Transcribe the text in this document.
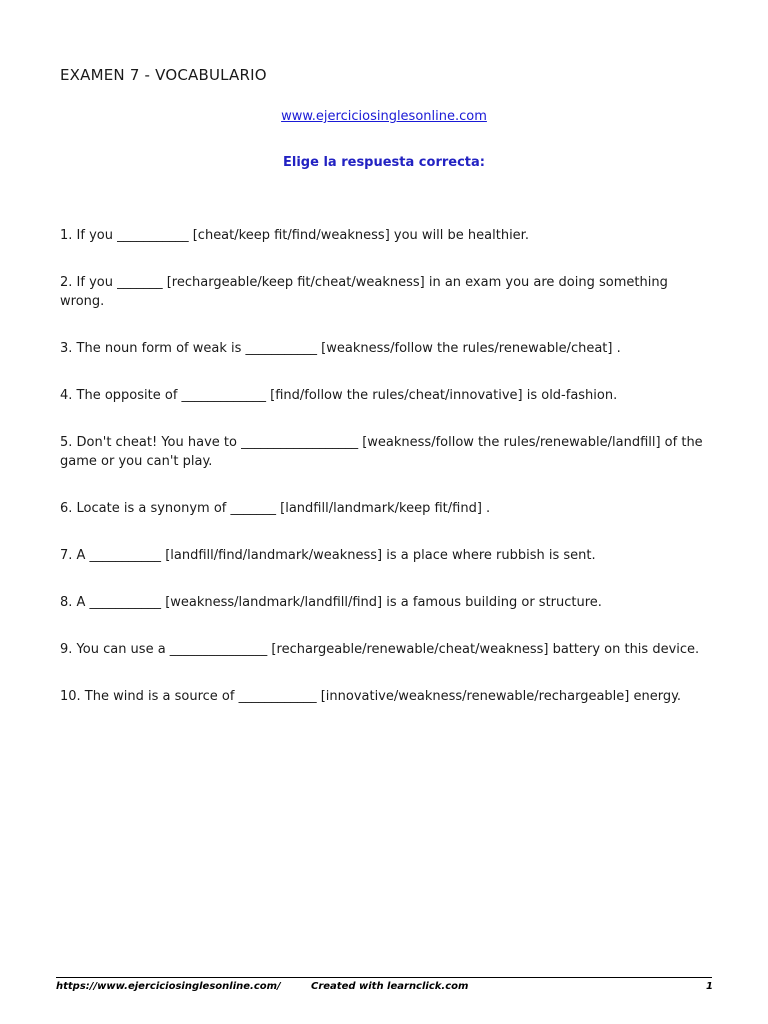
EXAMEN 7 - VOCABULARIO
www.ejerciciosinglesonline.com
Elige la respuesta correcta:
1. If you ___________ [cheat/keep fit/find/weakness] you will be healthier.
2. If you _______ [rechargeable/keep fit/cheat/weakness] in an exam you are doing something wrong.
3. The noun form of weak is ___________ [weakness/follow the rules/renewable/cheat] .
4. The opposite of _____________ [find/follow the rules/cheat/innovative] is old-fashion.
5. Don't cheat! You have to __________________ [weakness/follow the rules/renewable/landfill] of the game or you can't play.
6. Locate is a synonym of _______ [landfill/landmark/keep fit/find] .
7. A ___________ [landfill/find/landmark/weakness] is a place where rubbish is sent.
8. A ___________ [weakness/landmark/landfill/find] is a famous building or structure.
9. You can use a _______________ [rechargeable/renewable/cheat/weakness] battery on this device.
10. The wind is a source of ____________ [innovative/weakness/renewable/rechargeable] energy.
https://www.ejerciciosinglesonline.com/	Created with learnclick.com	1
